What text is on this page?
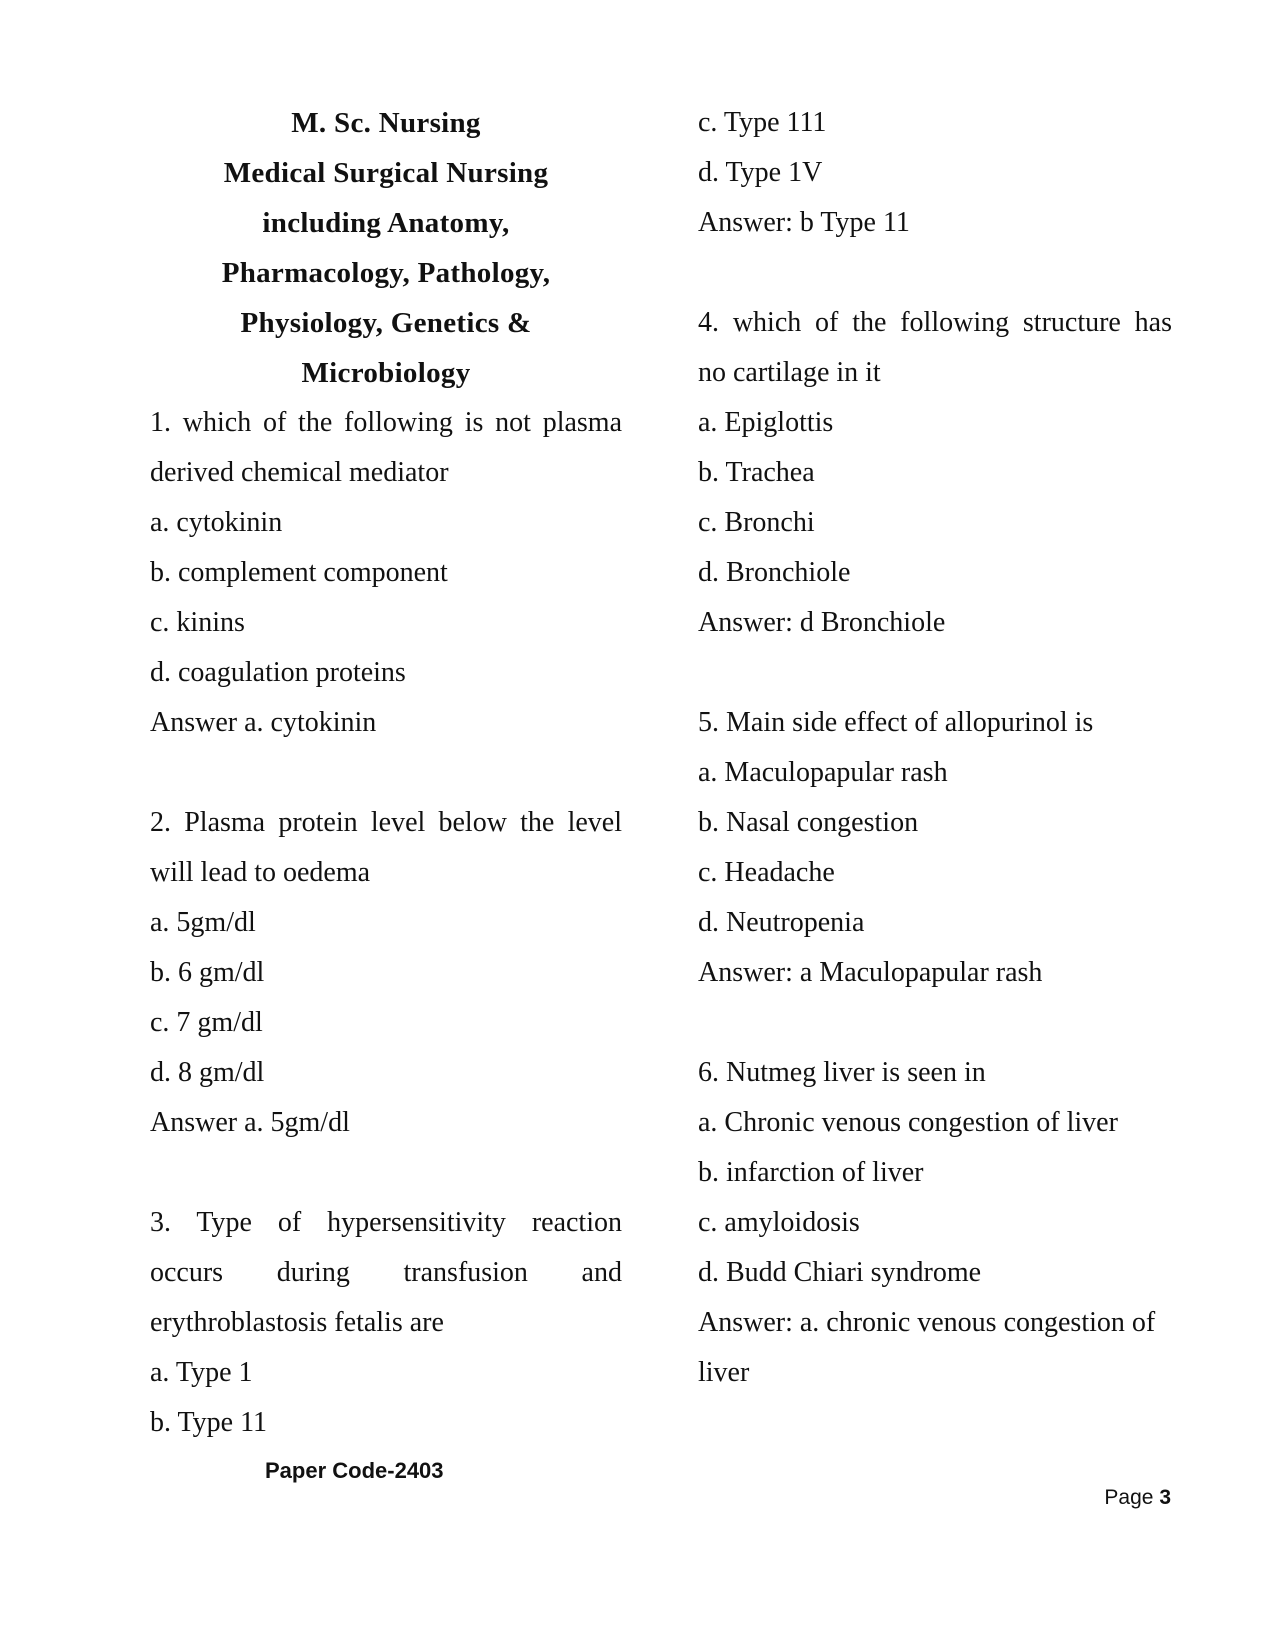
M. Sc. Nursing
Medical Surgical Nursing
including Anatomy,
Pharmacology, Pathology,
Physiology, Genetics &
Microbiology
1. which of the following is not plasma
derived chemical mediator
a. cytokinin
b. complement component
c. kinins
d. coagulation proteins
Answer a. cytokinin
2. Plasma protein level below the level
will lead to oedema
a. 5gm/dl
b. 6 gm/dl
c. 7 gm/dl
d. 8 gm/dl
Answer a. 5gm/dl
3. Type of hypersensitivity reaction
occurs during transfusion and
erythroblastosis fetalis are
a. Type 1
b. Type 11
c. Type 111
d. Type 1V
Answer: b Type 11
4. which of the following structure has
no cartilage in it
a. Epiglottis
b. Trachea
c. Bronchi
d. Bronchiole
Answer: d Bronchiole
5. Main side effect of allopurinol is
a. Maculopapular rash
b. Nasal congestion
c. Headache
d. Neutropenia
Answer: a Maculopapular rash
6. Nutmeg liver is seen in
a. Chronic venous congestion of liver
b. infarction of liver
c. amyloidosis
d. Budd Chiari syndrome
Answer: a. chronic venous congestion of
liver
Paper Code-2403
Page 3
